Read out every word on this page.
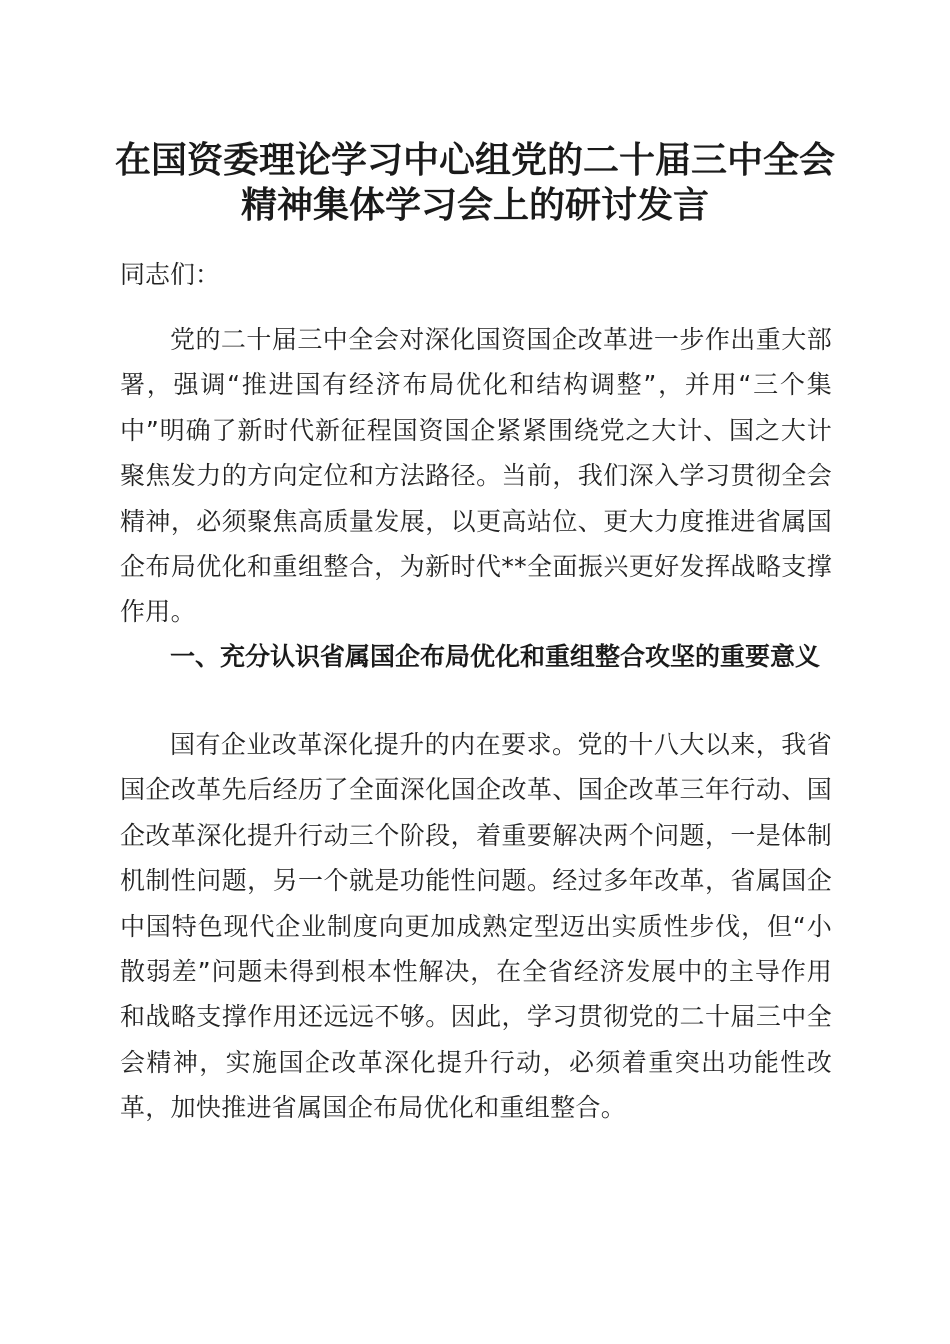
在国资委理论学习中心组党的二十届三中全会
精神集体学习会上的研讨发言
同志们：
党的二十届三中全会对深化国资国企改革进一步作出重大部署，强调“推进国有经济布局优化和结构调整”，并用“三个集中”明确了新时代新征程国资国企紧紧围绕党之大计、国之大计聚焦发力的方向定位和方法路径。当前，我们深入学习贯彻全会精神，必须聚焦高质量发展，以更高站位、更大力度推进省属国企布局优化和重组整合，为新时代**全面振兴更好发挥战略支撑作用。
一、充分认识省属国企布局优化和重组整合攻坚的重要意义
国有企业改革深化提升的内在要求。党的十八大以来，我省国企改革先后经历了全面深化国企改革、国企改革三年行动、国企改革深化提升行动三个阶段，着重要解决两个问题，一是体制机制性问题，另一个就是功能性问题。经过多年改革，省属国企中国特色现代企业制度向更加成熟定型迈出实质性步伐，但“小散弱差”问题未得到根本性解决，在全省经济发展中的主导作用和战略支撑作用还远远不够。因此，学习贯彻党的二十届三中全会精神，实施国企改革深化提升行动，必须着重突出功能性改革，加快推进省属国企布局优化和重组整合。
